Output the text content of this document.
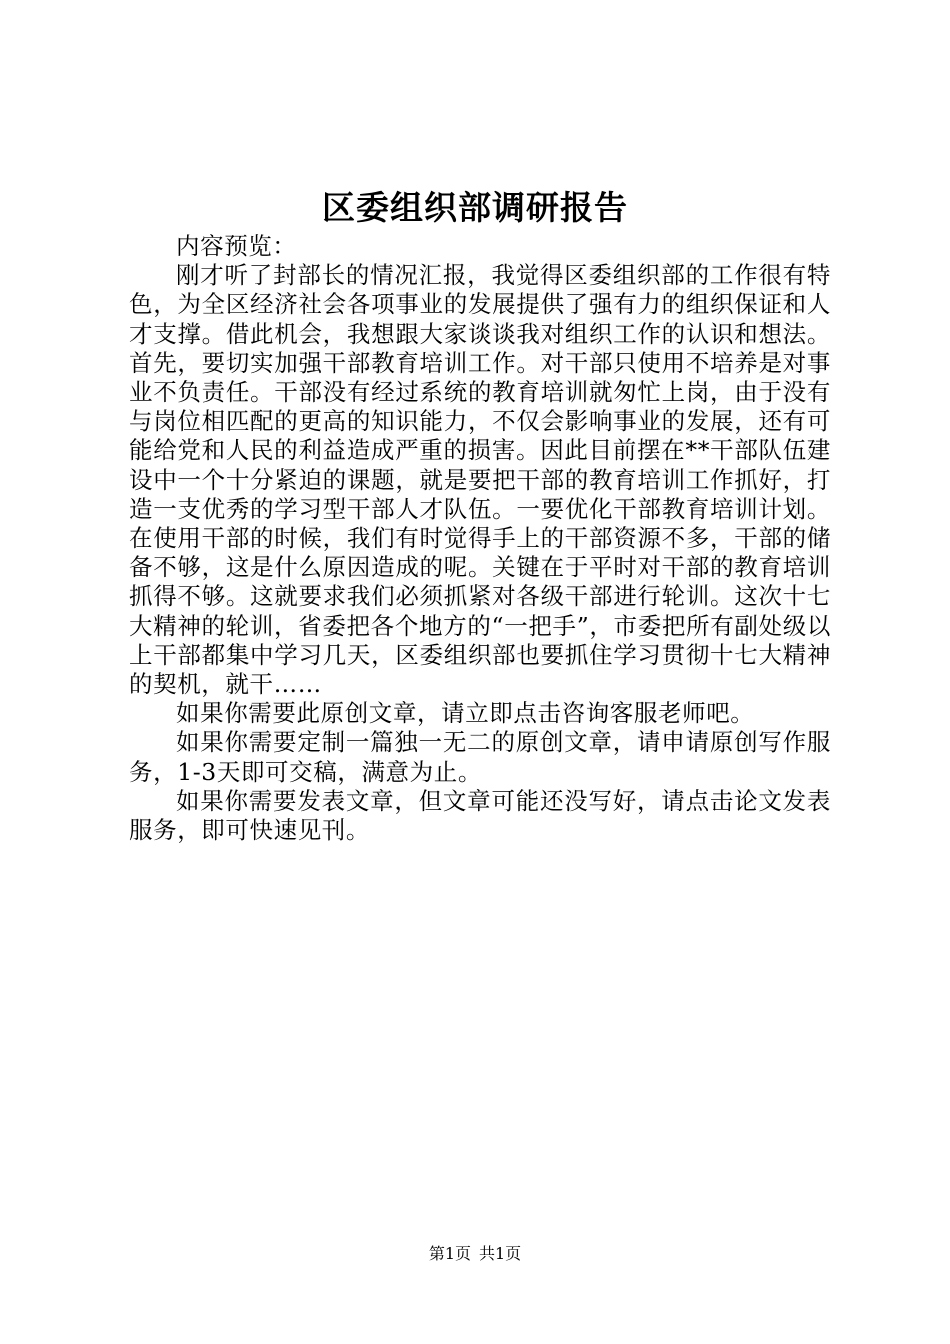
区委组织部调研报告

内容预览：

刚才听了封部长的情况汇报，我觉得区委组织部的工作很有特色，为全区经济社会各项事业的发展提供了强有力的组织保证和人才支撑。借此机会，我想跟大家谈谈我对组织工作的认识和想法。首先，要切实加强干部教育培训工作。对干部只使用不培养是对事业不负责任。干部没有经过系统的教育培训就匆忙上岗，由于没有与岗位相匹配的更高的知识能力，不仅会影响事业的发展，还有可能给党和人民的利益造成严重的损害。因此目前摆在**干部队伍建设中一个十分紧迫的课题，就是要把干部的教育培训工作抓好，打造一支优秀的学习型干部人才队伍。一要优化干部教育培训计划。在使用干部的时候，我们有时觉得手上的干部资源不多，干部的储备不够，这是什么原因造成的呢。关键在于平时对干部的教育培训抓得不够。这就要求我们必须抓紧对各级干部进行轮训。这次十七大精神的轮训，省委把各个地方的“一把手”，市委把所有副处级以上干部都集中学习几天，区委组织部也要抓住学习贯彻十七大精神的契机，就干……

如果你需要此原创文章，请立即点击咨询客服老师吧。

如果你需要定制一篇独一无二的原创文章，请申请原创写作服务，1-3天即可交稿，满意为止。

如果你需要发表文章，但文章可能还没写好，请点击论文发表服务，即可快速见刊。

第1页 共1页
